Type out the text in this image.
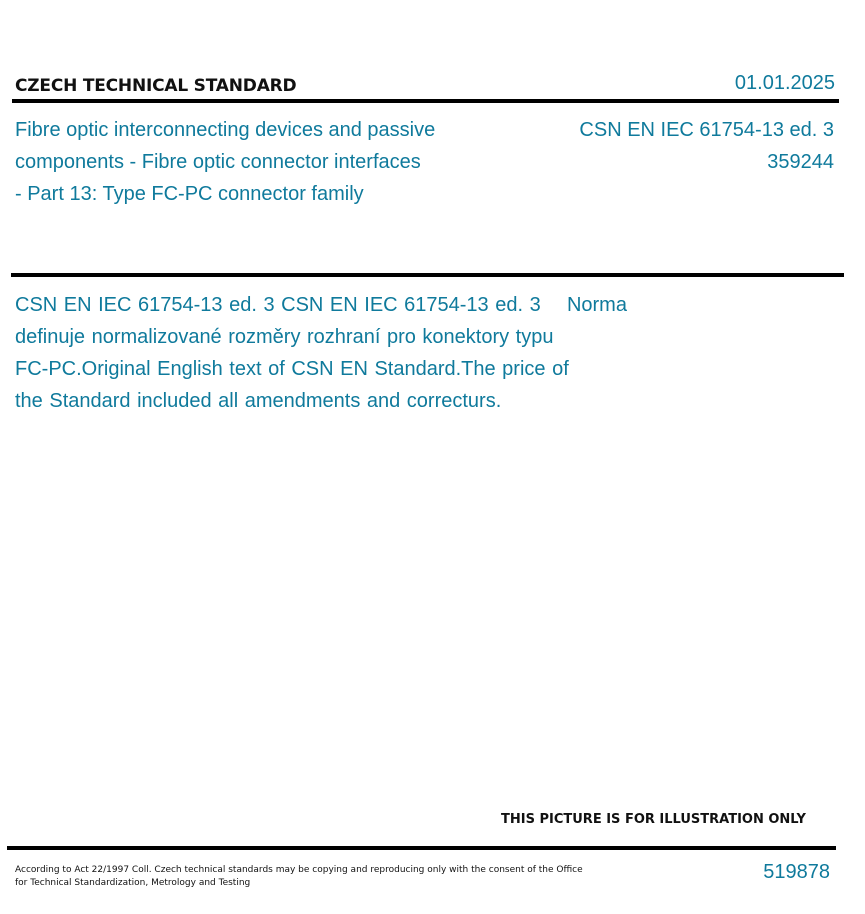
CZECH TECHNICAL STANDARD	01.01.2025
Fibre optic interconnecting devices and passive
components - Fibre optic connector interfaces
- Part 13: Type FC-PC connector family
CSN EN IEC 61754-13 ed. 3
359244
CSN EN IEC 61754-13 ed. 3 CSN EN IEC 61754-13 ed. 3    Norma
definuje normalizované rozměry rozhraní pro konektory typu
FC-PC.Original English text of CSN EN Standard.The price of
the Standard included all amendments and correcturs.
THIS PICTURE IS FOR ILLUSTRATION ONLY
According to Act 22/1997 Coll. Czech technical standards may be copying and reproducing only with the consent of the Office
for Technical Standardization, Metrology and Testing	519878
